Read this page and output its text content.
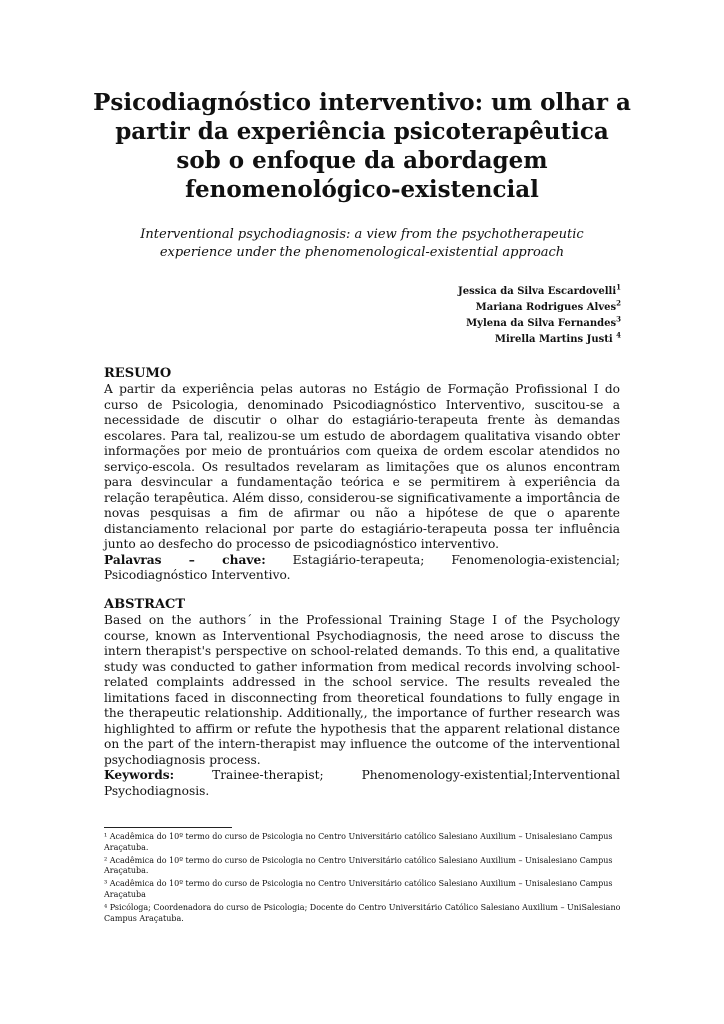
Psicodiagnóstico interventivo: um olhar a partir da experiência psicoterapêutica sob o enfoque da abordagem fenomenológico-existencial
Interventional psychodiagnosis: a view from the psychotherapeutic experience under the phenomenological-existential approach
Jessica da Silva Escardovelli$^1$
Mariana Rodrigues Alves$^2$
Mylena da Silva Fernandes$^3$
Mirella Martins Justi $^4$
RESUMO
A partir da experiência pelas autoras no Estágio de Formação Profissional I do curso de Psicologia, denominado Psicodiagnóstico Interventivo, suscitou-se a necessidade de discutir o olhar do estagiário-terapeuta frente às demandas escolares. Para tal, realizou-se um estudo de abordagem qualitativa visando obter informações por meio de prontuários com queixa de ordem escolar atendidos no serviço-escola. Os resultados revelaram as limitações que os alunos encontram para desvincular a fundamentação teórica e se permitirem à experiência da relação terapêutica. Além disso, considerou-se significativamente a importância de novas pesquisas a fim de afirmar ou não a hipótese de que o aparente distanciamento relacional por parte do estagiário-terapeuta possa ter influência junto ao desfecho do processo de psicodiagnóstico interventivo.
Palavras – chave: Estagiário-terapeuta; Fenomenologia-existencial; Psicodiagnóstico Interventivo.
ABSTRACT
Based on the authors´ in the Professional Training Stage I of the Psychology course, known as Interventional Psychodiagnosis, the need arose to discuss the intern therapist's perspective on school-related demands. To this end, a qualitative study was conducted to gather information from medical records involving school-related complaints addressed in the school service. The results revealed the limitations faced in disconnecting from theoretical foundations to fully engage in the therapeutic relationship. Additionally,, the importance of further research was highlighted to affirm or refute the hypothesis that the apparent relational distance on the part of the intern-therapist may influence the outcome of the interventional psychodiagnosis process.
Keywords: Trainee-therapist; Phenomenology-existential;Interventional Psychodiagnosis.
¹ Acadêmica do 10º termo do curso de Psicologia no Centro Universitário católico Salesiano Auxilium – Unisalesiano Campus Araçatuba.
² Acadêmica do 10º termo do curso de Psicologia no Centro Universitário católico Salesiano Auxilium – Unisalesiano Campus Araçatuba.
³ Acadêmica do 10º termo do curso de Psicologia no Centro Universitário católico Salesiano Auxilium – Unisalesiano Campus Araçatuba
⁴ Psicóloga; Coordenadora do curso de Psicologia; Docente do Centro Universitário Católico Salesiano Auxilium – UniSalesiano Campus Araçatuba.
